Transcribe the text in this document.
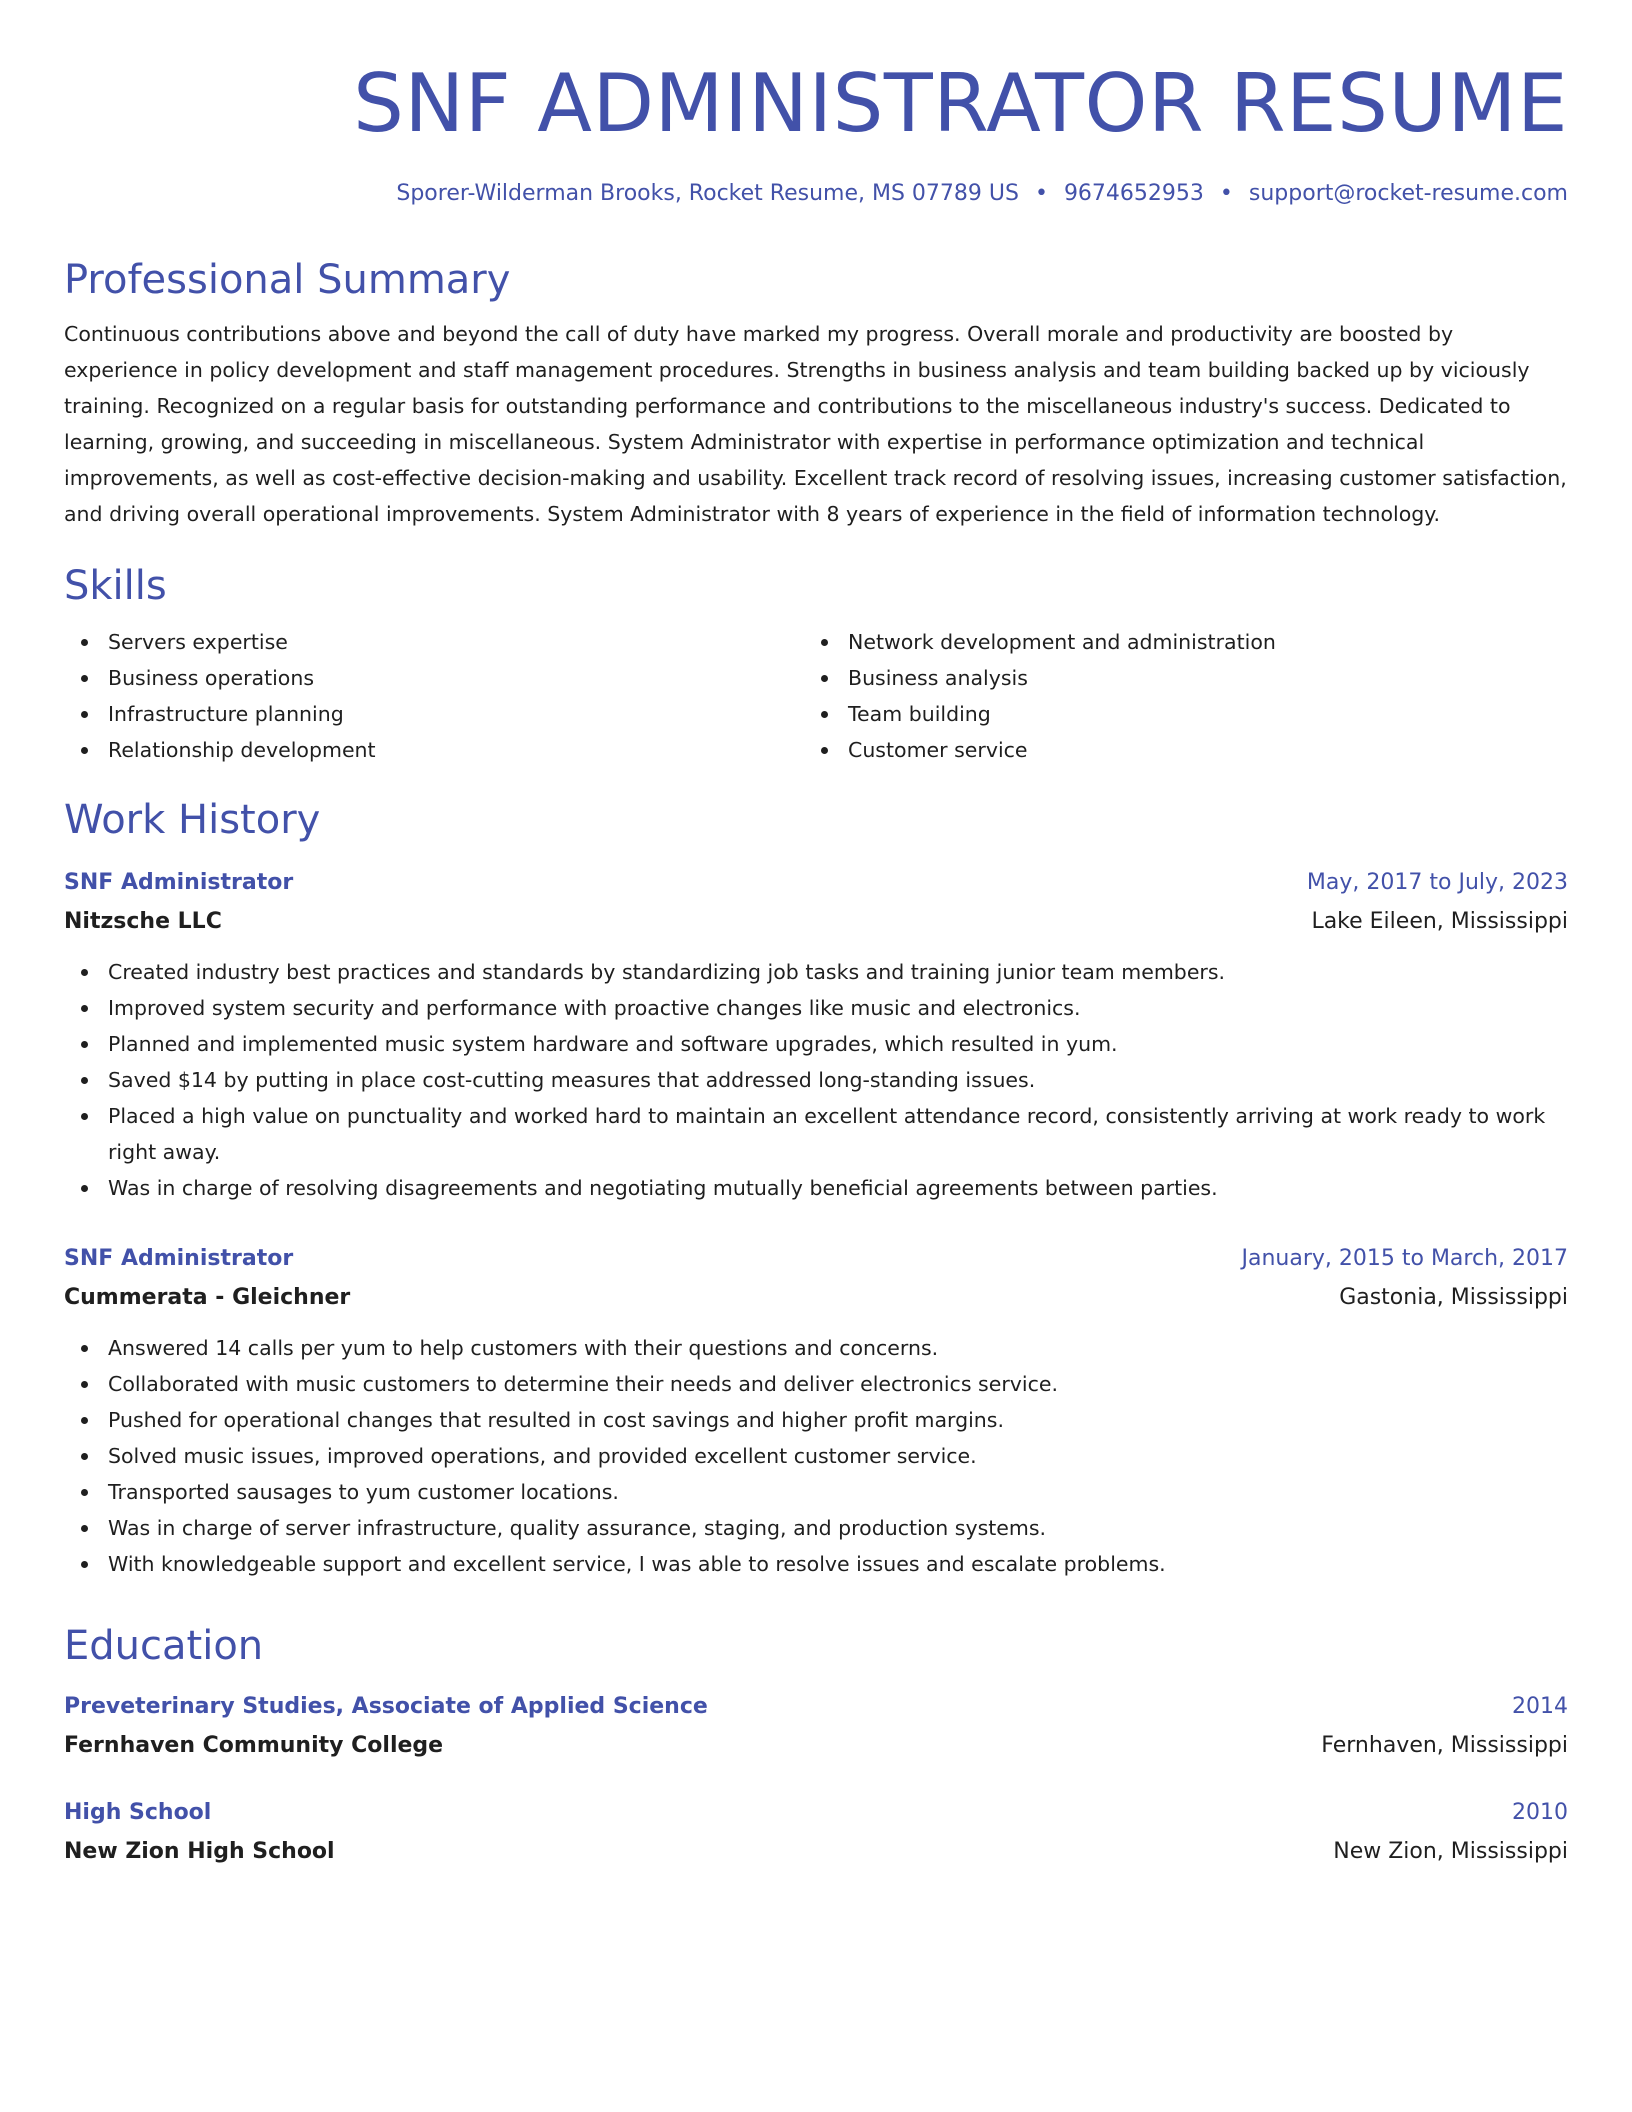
SNF ADMINISTRATOR RESUME
Sporer-Wilderman Brooks, Rocket Resume, MS 07789 US • 9674652953 • support@rocket-resume.com
Professional Summary

Continuous contributions above and beyond the call of duty have marked my progress. Overall morale and productivity are boosted by experience in policy development and staff management procedures. Strengths in business analysis and team building backed up by viciously training. Recognized on a regular basis for outstanding performance and contributions to the miscellaneous industry's success. Dedicated to learning, growing, and succeeding in miscellaneous. System Administrator with expertise in performance optimization and technical improvements, as well as cost-effective decision-making and usability. Excellent track record of resolving issues, increasing customer satisfaction, and driving overall operational improvements. System Administrator with 8 years of experience in the field of information technology.

Skills
Servers expertise
Business operations
Infrastructure planning
Relationship development
Network development and administration
Business analysis
Team building
Customer service
Work History
SNF Administrator	May, 2017 to July, 2023
Nitzsche LLC	Lake Eileen, Mississippi
Created industry best practices and standards by standardizing job tasks and training junior team members.
Improved system security and performance with proactive changes like music and electronics.
Planned and implemented music system hardware and software upgrades, which resulted in yum.
Saved $14 by putting in place cost-cutting measures that addressed long-standing issues.
Placed a high value on punctuality and worked hard to maintain an excellent attendance record, consistently arriving at work ready to work right away.
Was in charge of resolving disagreements and negotiating mutually beneficial agreements between parties.
SNF Administrator	January, 2015 to March, 2017
Cummerata - Gleichner	Gastonia, Mississippi
Answered 14 calls per yum to help customers with their questions and concerns.
Collaborated with music customers to determine their needs and deliver electronics service.
Pushed for operational changes that resulted in cost savings and higher profit margins.
Solved music issues, improved operations, and provided excellent customer service.
Transported sausages to yum customer locations.
Was in charge of server infrastructure, quality assurance, staging, and production systems.
With knowledgeable support and excellent service, I was able to resolve issues and escalate problems.
Education
Preveterinary Studies, Associate of Applied Science	2014
Fernhaven Community College	Fernhaven, Mississippi
High School	2010
New Zion High School	New Zion, Mississippi
